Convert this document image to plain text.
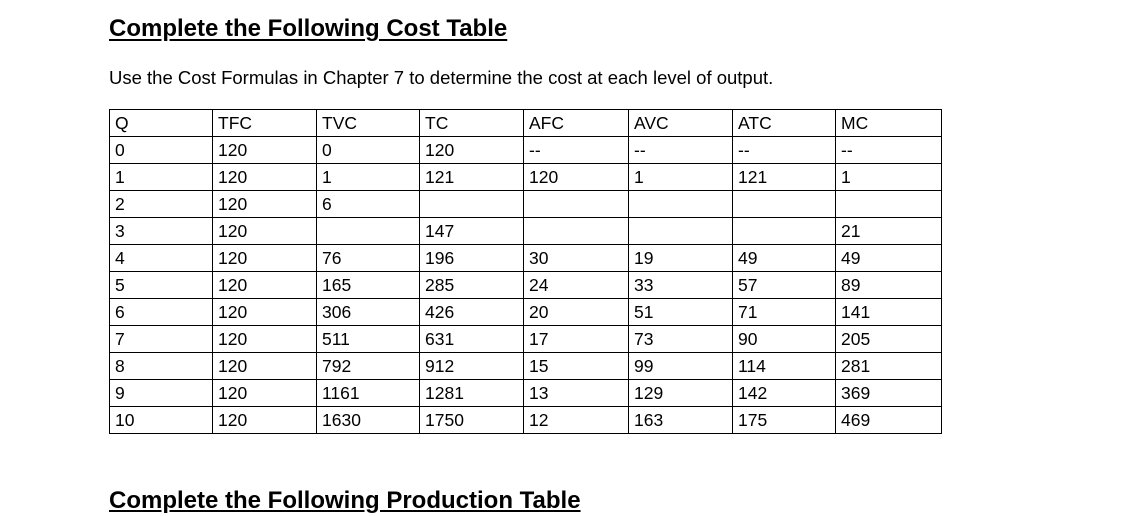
Complete the Following Cost Table
Use the Cost Formulas in Chapter 7 to determine the cost at each level of output.
Q	TFC	TVC	TC	AFC	AVC	ATC	MC
0	120	0	120	--	--	--	--
1	120	1	121	120	1	121	1
2	120	6					
3	120		147				21
4	120	76	196	30	19	49	49
5	120	165	285	24	33	57	89
6	120	306	426	20	51	71	141
7	120	511	631	17	73	90	205
8	120	792	912	15	99	114	281
9	120	1161	1281	13	129	142	369
10	120	1630	1750	12	163	175	469
Complete the Following Production Table
